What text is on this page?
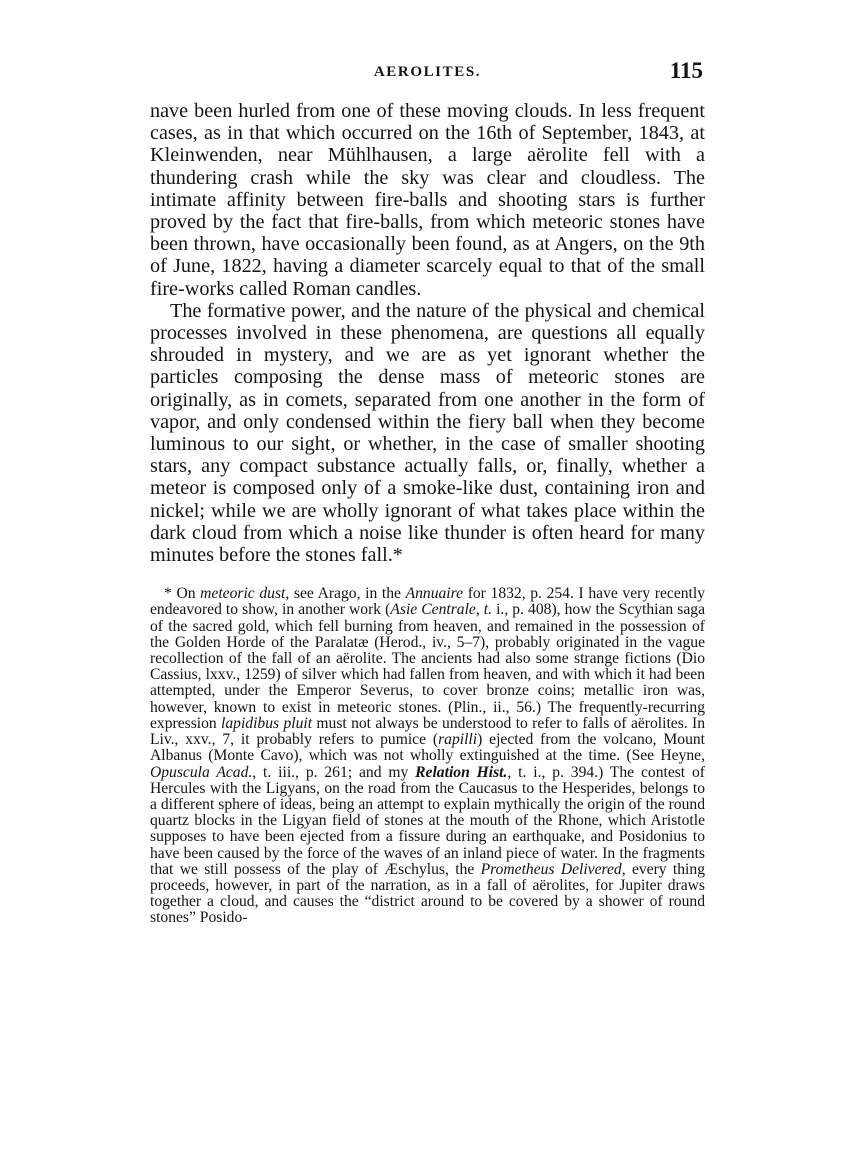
AEROLITES.	115

nave been hurled from one of these moving clouds. In less frequent cases, as in that which occurred on the 16th of September, 1843, at Kleinwenden, near Mühlhausen, a large aërolite fell with a thundering crash while the sky was clear and cloudless. The intimate affinity between fire-balls and shooting stars is further proved by the fact that fire-balls, from which meteoric stones have been thrown, have occasionally been found, as at Angers, on the 9th of June, 1822, having a diameter scarcely equal to that of the small fire-works called Roman candles.

The formative power, and the nature of the physical and chemical processes involved in these phenomena, are questions all equally shrouded in mystery, and we are as yet ignorant whether the particles composing the dense mass of meteoric stones are originally, as in comets, separated from one another in the form of vapor, and only condensed within the fiery ball when they become luminous to our sight, or whether, in the case of smaller shooting stars, any compact substance actually falls, or, finally, whether a meteor is composed only of a smoke-like dust, containing iron and nickel; while we are wholly ignorant of what takes place within the dark cloud from which a noise like thunder is often heard for many minutes before the stones fall.*

* On meteoric dust, see Arago, in the Annuaire for 1832, p. 254. I have very recently endeavored to show, in another work (Asie Centrale, t. i., p. 408), how the Scythian saga of the sacred gold, which fell burning from heaven, and remained in the possession of the Golden Horde of the Paralatæ (Herod., iv., 5–7), probably originated in the vague recollection of the fall of an aërolite. The ancients had also some strange fictions (Dio Cassius, lxxv., 1259) of silver which had fallen from heaven, and with which it had been attempted, under the Emperor Severus, to cover bronze coins; metallic iron was, however, known to exist in meteoric stones. (Plin., ii., 56.) The frequently-recurring expression lapidibus pluit must not always be understood to refer to falls of aërolites. In Liv., xxv., 7, it probably refers to pumice (rapilli) ejected from the volcano, Mount Albanus (Monte Cavo), which was not wholly extinguished at the time. (See Heyne, Opuscula Acad., t. iii., p. 261; and my Relation Hist., t. i., p. 394.) The contest of Hercules with the Ligyans, on the road from the Caucasus to the Hesperides, belongs to a different sphere of ideas, being an attempt to explain mythically the origin of the round quartz blocks in the Ligyan field of stones at the mouth of the Rhone, which Aristotle supposes to have been ejected from a fissure during an earthquake, and Posidonius to have been caused by the force of the waves of an inland piece of water. In the fragments that we still possess of the play of Æschylus, the Prometheus Delivered, every thing proceeds, however, in part of the narration, as in a fall of aërolites, for Jupiter draws together a cloud, and causes the “district around to be covered by a shower of round stones” Posido-
